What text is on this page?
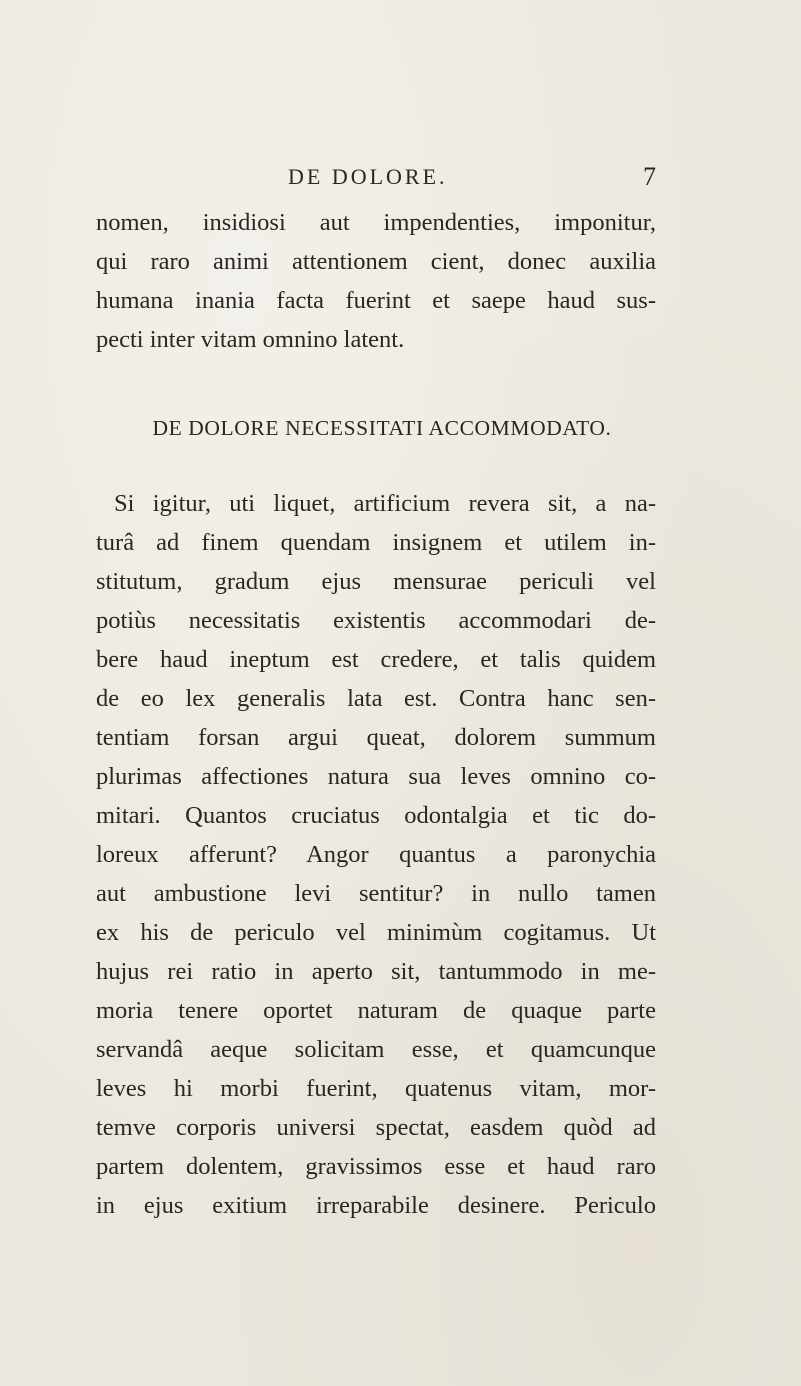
DE DOLORE.	7
nomen, insidiosi aut impendenties, imponitur,
qui raro animi attentionem cient, donec auxilia
humana inania facta fuerint et saepe haud sus-
pecti inter vitam omnino latent.
DE DOLORE NECESSITATI ACCOMMODATO.
Si igitur, uti liquet, artificium revera sit, a na-
turâ ad finem quendam insignem et utilem in-
stitutum, gradum ejus mensurae periculi vel
potiùs necessitatis existentis accommodari de-
bere haud ineptum est credere, et talis quidem
de eo lex generalis lata est. Contra hanc sen-
tentiam forsan argui queat, dolorem summum
plurimas affectiones natura sua leves omnino co-
mitari. Quantos cruciatus odontalgia et tic do-
loreux afferunt? Angor quantus a paronychia
aut ambustione levi sentitur? in nullo tamen
ex his de periculo vel minimùm cogitamus. Ut
hujus rei ratio in aperto sit, tantummodo in me-
moria tenere oportet naturam de quaque parte
servandâ aeque solicitam esse, et quamcunque
leves hi morbi fuerint, quatenus vitam, mor-
temve corporis universi spectat, easdem quòd ad
partem dolentem, gravissimos esse et haud raro
in ejus exitium irreparabile desinere. Periculo
